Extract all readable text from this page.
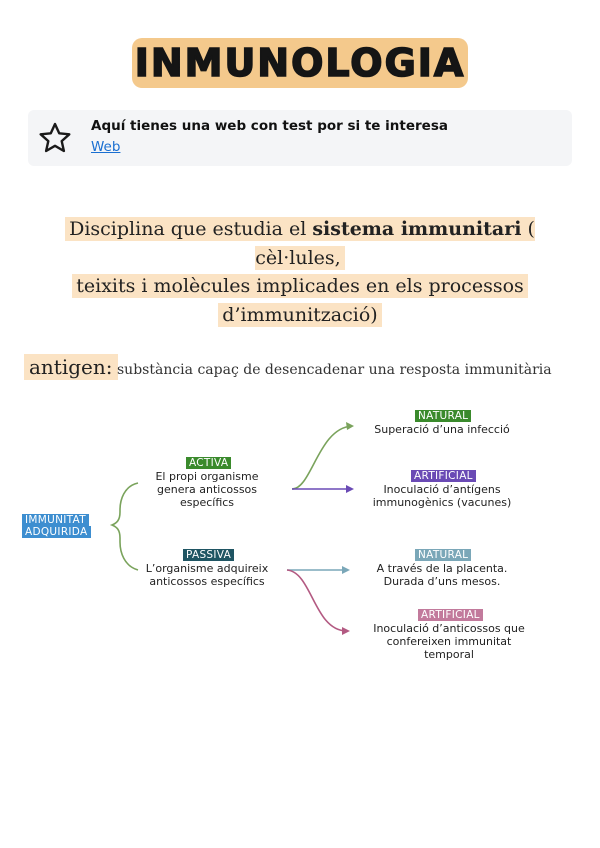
INMUNOLOGIA
Aquí tienes una web con test por si te interesa
Web
Disciplina que estudia el sistema immunitari ( cèl·lules,
teixits i molècules implicades en els processos
d’immunització)
antigen: substància capaç de desencadenar una resposta immunitària
IMMUNITAT
ADQUIRIDA
ACTIVA
El propi organisme
genera anticossos
específics
PASSIVA
L’organisme adquireix
anticossos específics
NATURAL
Superació d’una infecció
ARTIFICIAL
Inoculació d’antígens
immunogènics (vacunes)
NATURAL
A través de la placenta.
Durada d’uns mesos.
ARTIFICIAL
Inoculació d’anticossos que
confereixen immunitat
temporal
